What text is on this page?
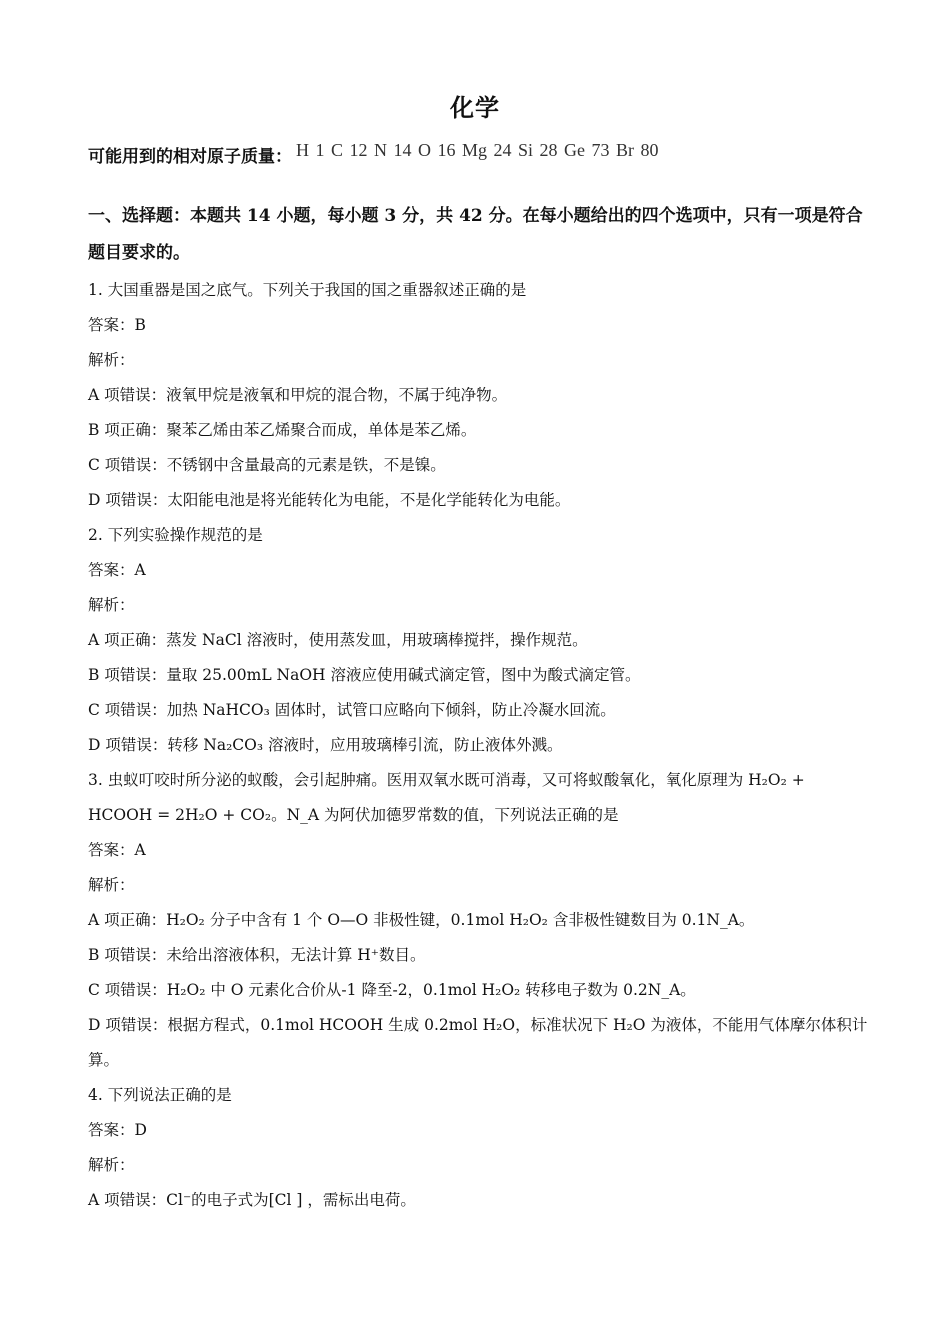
化学
可能用到的相对原子质量： H 1 C 12 N 14 O 16 Mg 24 Si 28 Ge 73 Br 80
一、选择题：本题共 14 小题，每小题 3 分，共 42 分。在每小题给出的四个选项中，只有一项是符合题目要求的。

1. 大国重器是国之底气。下列关于我国的国之重器叙述正确的是

答案：B

解析：

A 项错误：液氧甲烷是液氧和甲烷的混合物，不属于纯净物。

B 项正确：聚苯乙烯由苯乙烯聚合而成，单体是苯乙烯。

C 项错误：不锈钢中含量最高的元素是铁，不是镍。

D 项错误：太阳能电池是将光能转化为电能，不是化学能转化为电能。

2. 下列实验操作规范的是

答案：A

解析：

A 项正确：蒸发 NaCl 溶液时，使用蒸发皿，用玻璃棒搅拌，操作规范。

B 项错误：量取 25.00mL NaOH 溶液应使用碱式滴定管，图中为酸式滴定管。

C 项错误：加热 NaHCO₃ 固体时，试管口应略向下倾斜，防止冷凝水回流。

D 项错误：转移 Na₂CO₃ 溶液时，应用玻璃棒引流，防止液体外溅。

3. 虫蚁叮咬时所分泌的蚁酸，会引起肿痛。医用双氧水既可消毒，又可将蚁酸氧化，氧化原理为 H₂O₂ + HCOOH = 2H₂O + CO₂。N_A 为阿伏加德罗常数的值，下列说法正确的是

答案：A

解析：

A 项正确：H₂O₂ 分子中含有 1 个 O—O 非极性键，0.1mol H₂O₂ 含非极性键数目为 0.1N_A。

B 项错误：未给出溶液体积，无法计算 H⁺数目。

C 项错误：H₂O₂ 中 O 元素化合价从-1 降至-2，0.1mol H₂O₂ 转移电子数为 0.2N_A。

D 项错误：根据方程式，0.1mol HCOOH 生成 0.2mol H₂O，标准状况下 H₂O 为液体，不能用气体摩尔体积计算。

4. 下列说法正确的是

答案：D

解析：

A 项错误：Cl⁻的电子式为[Cl ] ，需标出电荷。
